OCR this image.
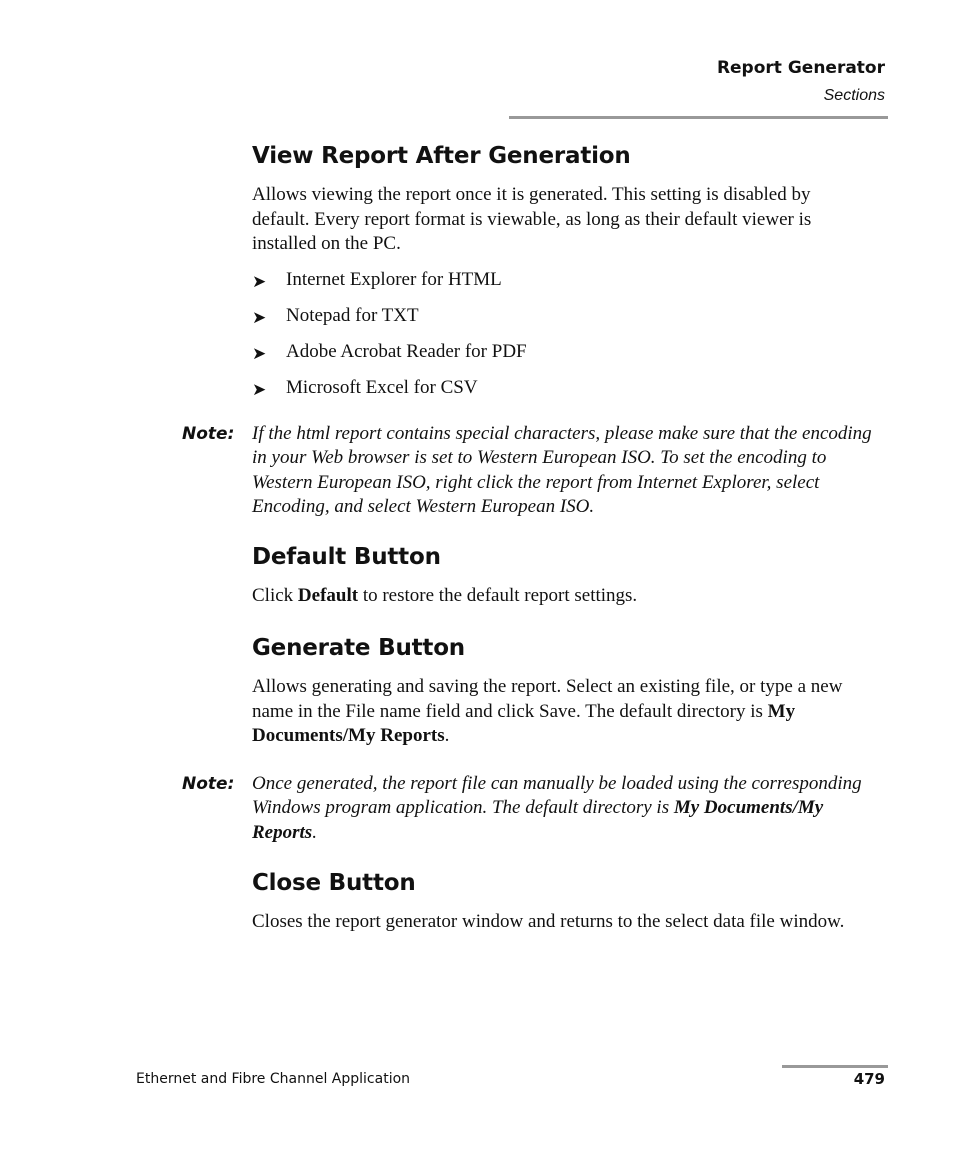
Report Generator
Sections
View Report After Generation

Allows viewing the report once it is generated. This setting is disabled by default. Every report format is viewable, as long as their default viewer is installed on the PC.

➤ Internet Explorer for HTML
➤ Notepad for TXT
➤ Adobe Acrobat Reader for PDF
➤ Microsoft Excel for CSV
Note: If the html report contains special characters, please make sure that the encoding in your Web browser is set to Western European ISO. To set the encoding to Western European ISO, right click the report from Internet Explorer, select Encoding, and select Western European ISO.
Default Button

Click Default to restore the default report settings.

Generate Button

Allows generating and saving the report. Select an existing file, or type a new name in the File name field and click Save. The default directory is My Documents/My Reports.

Note: Once generated, the report file can manually be loaded using the corresponding Windows program application. The default directory is My Documents/My Reports.
Close Button

Closes the report generator window and returns to the select data file window.

Ethernet and Fibre Channel Application	479
